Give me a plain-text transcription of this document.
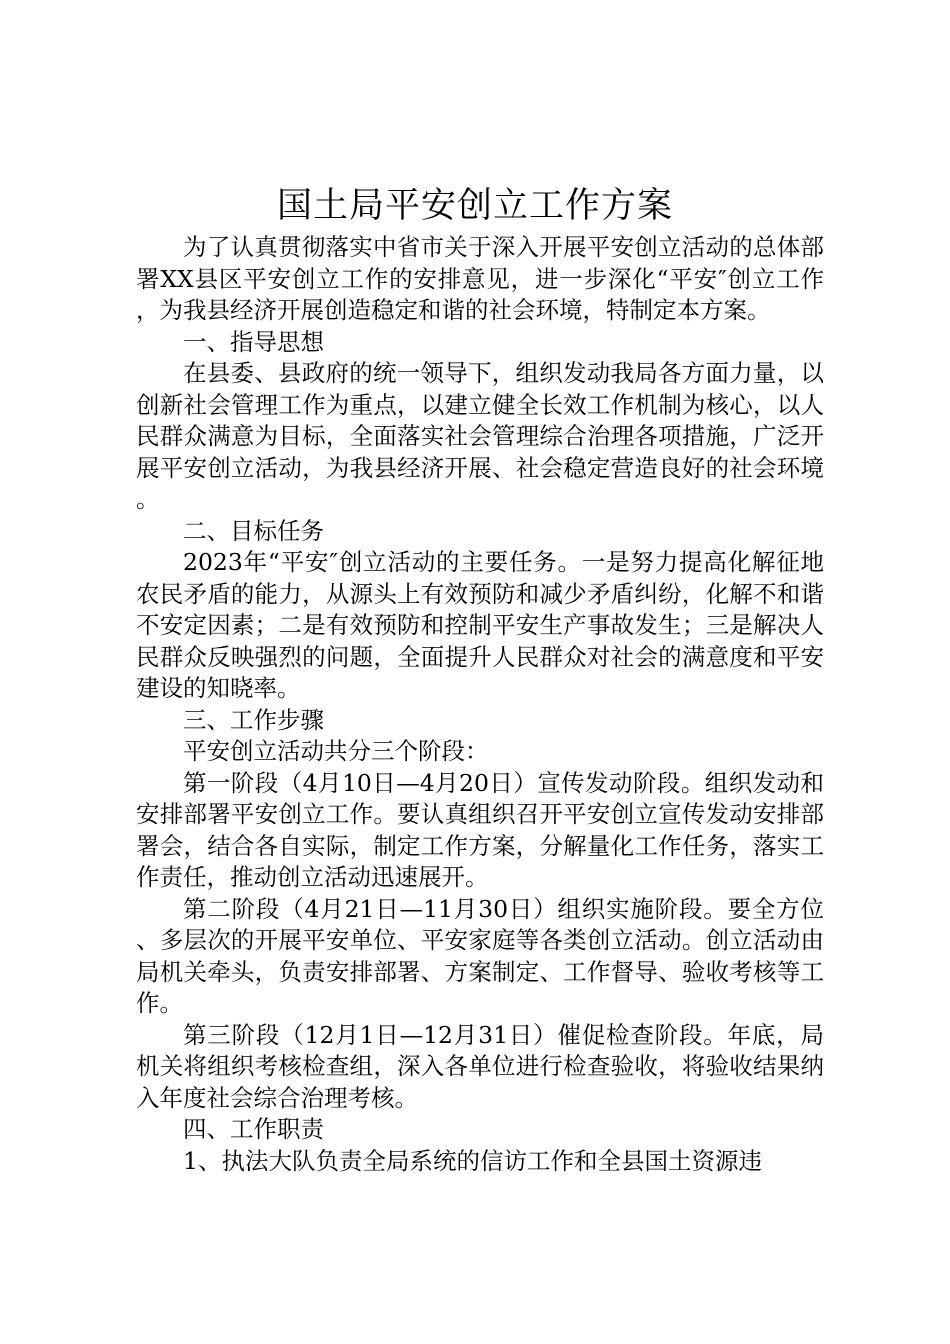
国土局平安创立工作方案

为了认真贯彻落实中省市关于深入开展平安创立活动的总体部署XX县区平安创立工作的安排意见，进一步深化“平安″创立工作，为我县经济开展创造稳定和谐的社会环境，特制定本方案。

一、指导思想

在县委、县政府的统一领导下，组织发动我局各方面力量，以创新社会管理工作为重点，以建立健全长效工作机制为核心，以人民群众满意为目标，全面落实社会管理综合治理各项措施，广泛开展平安创立活动，为我县经济开展、社会稳定营造良好的社会环境。

二、目标任务

2023年“平安″创立活动的主要任务。一是努力提高化解征地农民矛盾的能力，从源头上有效预防和减少矛盾纠纷，化解不和谐不安定因素；二是有效预防和控制平安生产事故发生；三是解决人民群众反映强烈的问题，全面提升人民群众对社会的满意度和平安建设的知晓率。

三、工作步骤

平安创立活动共分三个阶段：

第一阶段（4月10日—4月20日）宣传发动阶段。组织发动和安排部署平安创立工作。要认真组织召开平安创立宣传发动安排部署会，结合各自实际，制定工作方案，分解量化工作任务，落实工作责任，推动创立活动迅速展开。

第二阶段（4月21日—11月30日）组织实施阶段。要全方位、多层次的开展平安单位、平安家庭等各类创立活动。创立活动由局机关牵头，负责安排部署、方案制定、工作督导、验收考核等工作。

第三阶段（12月1日—12月31日）催促检查阶段。年底，局机关将组织考核检查组，深入各单位进行检查验收，将验收结果纳入年度社会综合治理考核。

四、工作职责

1、执法大队负责全局系统的信访工作和全县国土资源违
